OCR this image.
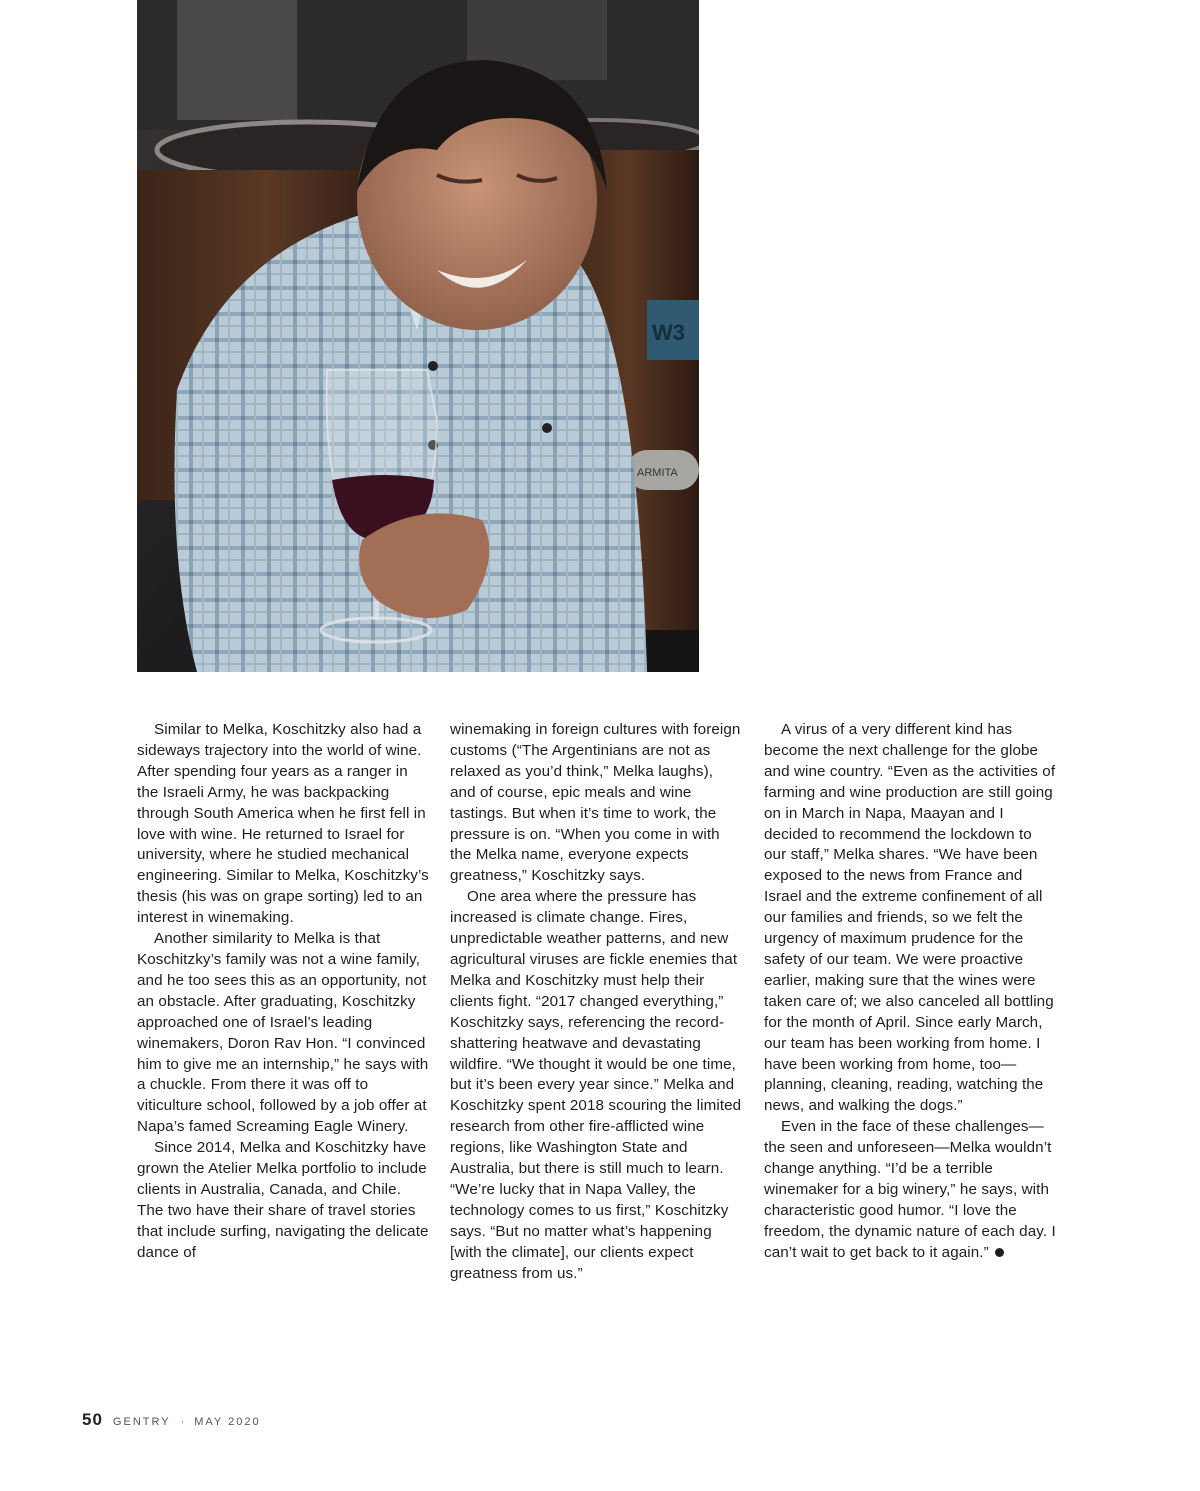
W3
ARMITA

Similar to Melka, Koschitzky also had a sideways trajectory into the world of wine. After spending four years as a ranger in the Israeli Army, he was backpacking through South America when he first fell in love with wine. He returned to Israel for university, where he studied mechanical engineering. Similar to Melka, Koschitzky’s thesis (his was on grape sorting) led to an interest in winemaking.

Another similarity to Melka is that Koschitzky’s family was not a wine family, and he too sees this as an opportunity, not an obstacle. After graduating, Koschitzky approached one of Israel’s leading winemakers, Doron Rav Hon. “I convinced him to give me an internship,” he says with a chuckle. From there it was off to viticulture school, followed by a job offer at Napa’s famed Screaming Eagle Winery.

Since 2014, Melka and Koschitzky have grown the Atelier Melka portfolio to include clients in Australia, Canada, and Chile. The two have their share of travel stories that include surfing, navigating the delicate dance of

winemaking in foreign cultures with foreign customs (“The Argentinians are not as relaxed as you’d think,” Melka laughs), and of course, epic meals and wine tastings. But when it’s time to work, the pressure is on. “When you come in with the Melka name, everyone expects greatness,” Koschitzky says.

One area where the pressure has increased is climate change. Fires, unpredictable weather patterns, and new agricultural viruses are fickle enemies that Melka and Koschitzky must help their clients fight. “2017 changed everything,” Koschitzky says, referencing the record-shattering heatwave and devastating wildfire. “We thought it would be one time, but it’s been every year since.” Melka and Koschitzky spent 2018 scouring the limited research from other fire-afflicted wine regions, like Washington State and Australia, but there is still much to learn. “We’re lucky that in Napa Valley, the technology comes to us first,” Koschitzky says. “But no matter what’s happening [with the climate], our clients expect greatness from us.”

A virus of a very different kind has become the next challenge for the globe and wine country. “Even as the activities of farming and wine production are still going on in March in Napa, Maayan and I decided to recommend the lockdown to our staff,” Melka shares. “We have been exposed to the news from France and Israel and the extreme confinement of all our families and friends, so we felt the urgency of maximum prudence for the safety of our team. We were proactive earlier, making sure that the wines were taken care of; we also canceled all bottling for the month of April. Since early March, our team has been working from home. I have been working from home, too—planning, cleaning, reading, watching the news, and walking the dogs.”

Even in the face of these challenges—the seen and unforeseen—Melka wouldn’t change anything. “I’d be a terrible winemaker for a big winery,” he says, with characteristic good humor. “I love the freedom, the dynamic nature of each day. I can’t wait to get back to it again.”

50 GENTRY · MAY 2020
